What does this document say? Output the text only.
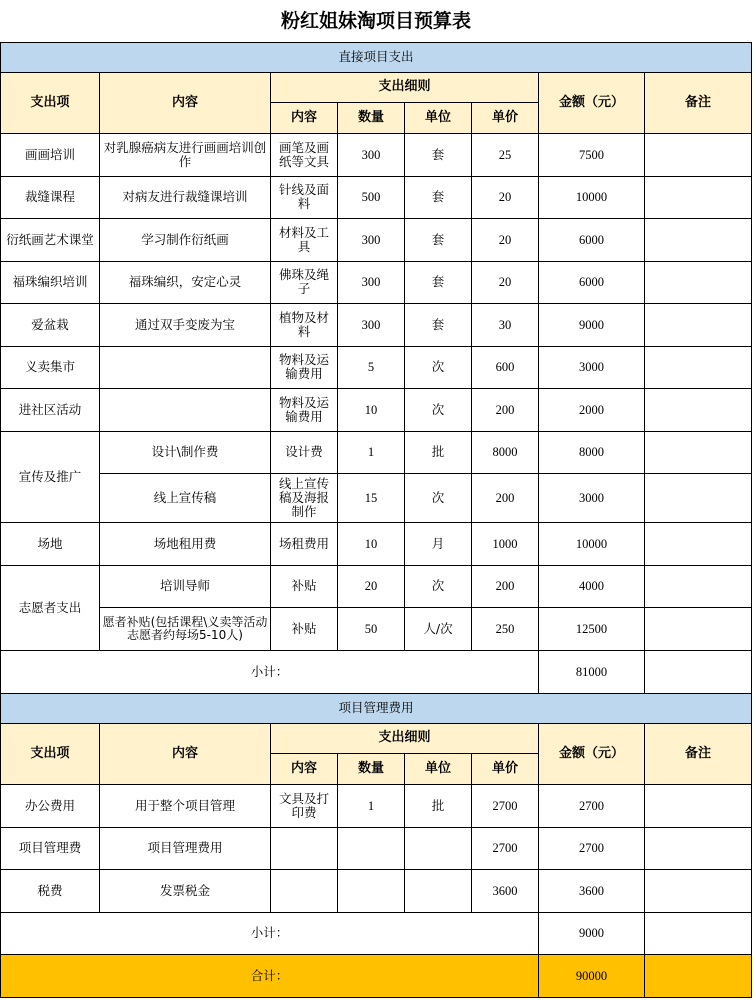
粉红姐妹淘项目预算表							
直接项目支出							
支出项	内容	支出细则				金额（元）	备注
		内容	数量	单位	单价		
画画培训	对乳腺癌病友进行画画培训创作	画笔及画纸等文具	300	套	25	7500	
裁缝课程	对病友进行裁缝课培训	针线及面料	500	套	20	10000	
衍纸画艺术课堂	学习制作衍纸画	材料及工具	300	套	20	6000	
福珠编织培训	福珠编织，安定心灵	佛珠及绳子	300	套	20	6000	
爱盆栽	通过双手变废为宝	植物及材料	300	套	30	9000	
义卖集市		物料及运输费用	5	次	600	3000	
进社区活动		物料及运输费用	10	次	200	2000	
宣传及推广	设计\制作费	设计费	1	批	8000	8000	
	线上宣传稿	线上宣传稿及海报制作	15	次	200	3000	
场地	场地租用费	场租费用	10	月	1000	10000	
志愿者支出	培训导师	补贴	20	次	200	4000	
	愿者补贴(包括课程\义卖等活动志愿者约每场5-10人)	补贴	50	人/次	250	12500	
小计：						81000	
项目管理费用							
支出项	内容	支出细则				金额（元）	备注
		内容	数量	单位	单价		
办公费用	用于整个项目管理	文具及打印费	1	批	2700	2700	
项目管理费	项目管理费用				2700	2700	
税费	发票税金				3600	3600	
小计：						9000	
合计：						90000	
